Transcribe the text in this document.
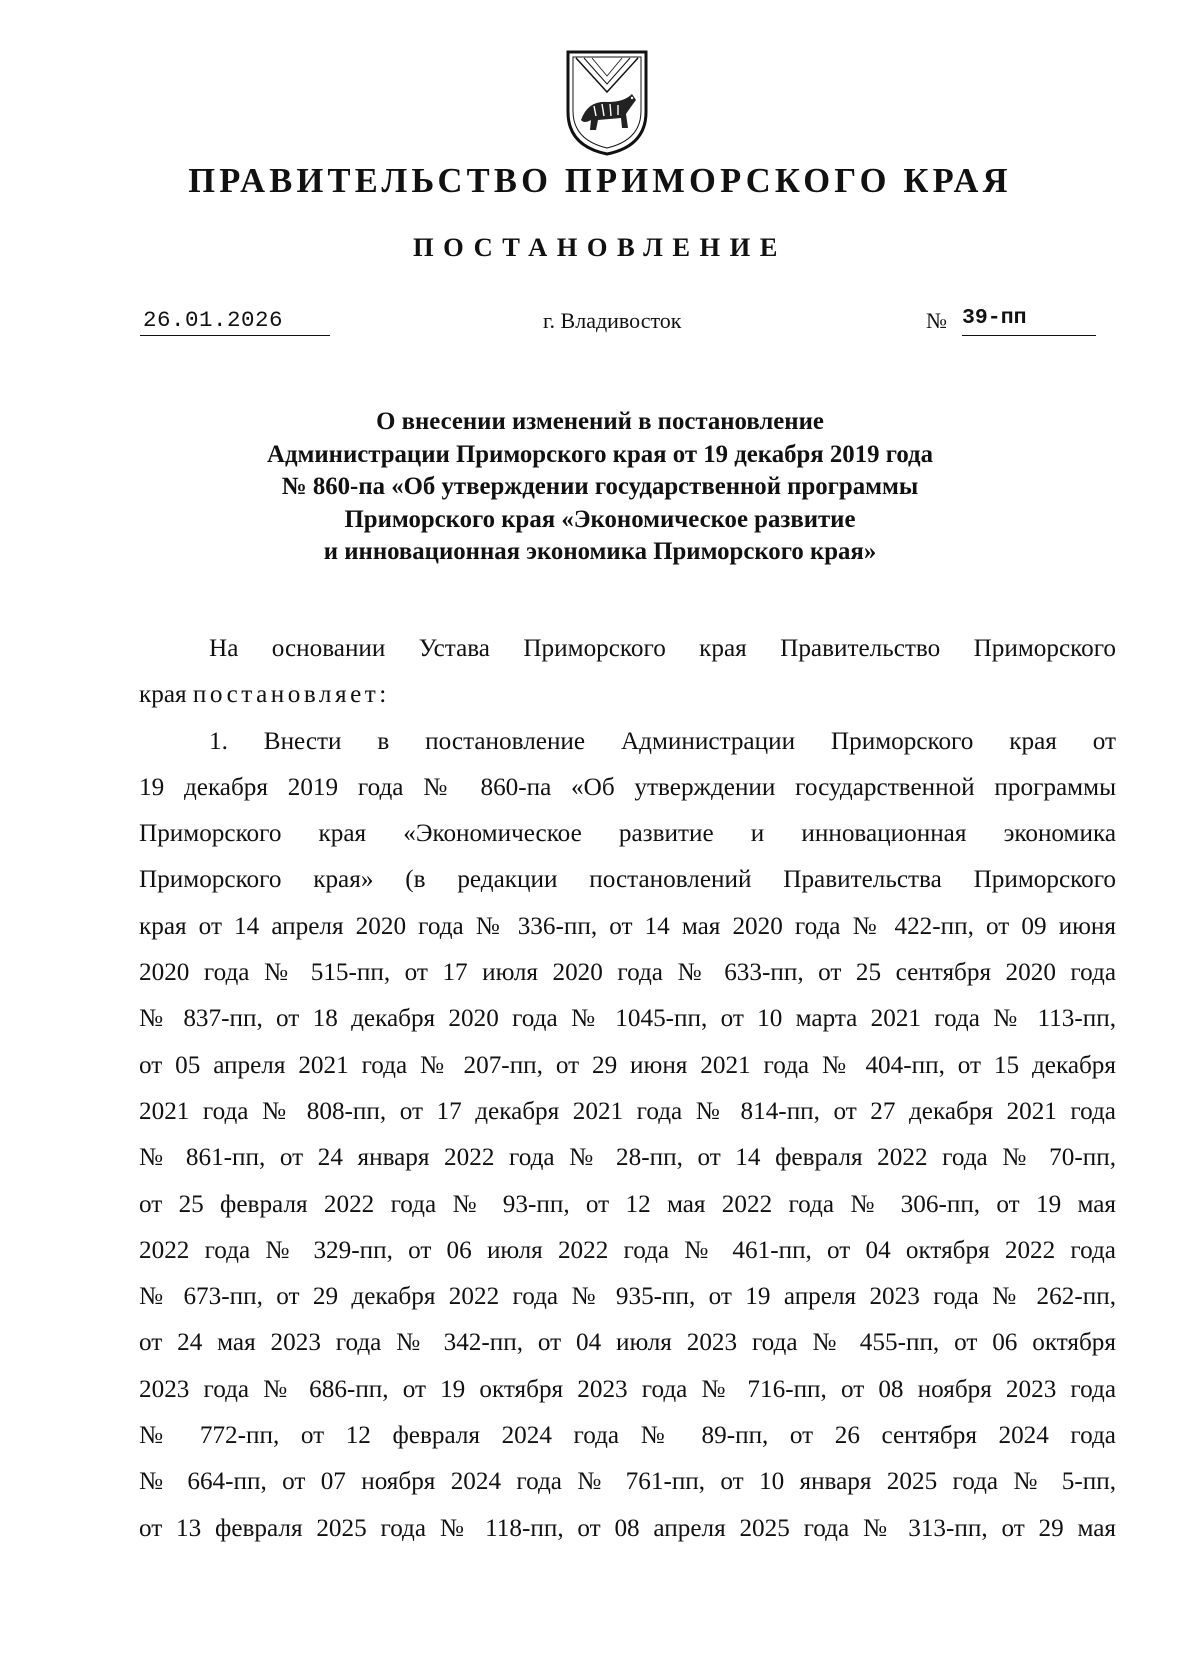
ПРАВИТЕЛЬСТВО ПРИМОРСКОГО КРАЯ
ПОСТАНОВЛЕНИЕ
26.01.2026	г. Владивосток	№ 39-пп
О внесении изменений в постановление
Администрации Приморского края от 19 декабря 2019 года
№ 860-па «Об утверждении государственной программы
Приморского края «Экономическое развитие
и инновационная экономика Приморского края»

На основании Устава Приморского края Правительство Приморского
края постановляет:

1. Внести в постановление Администрации Приморского края от
19 декабря 2019 года № 860-па «Об утверждении государственной программы
Приморского края «Экономическое развитие и инновационная экономика
Приморского края» (в редакции постановлений Правительства Приморского
края от 14 апреля 2020 года № 336-пп, от 14 мая 2020 года № 422-пп, от 09 июня
2020 года № 515-пп, от 17 июля 2020 года № 633-пп, от 25 сентября 2020 года
№ 837-пп, от 18 декабря 2020 года № 1045-пп, от 10 марта 2021 года № 113-пп,
от 05 апреля 2021 года № 207-пп, от 29 июня 2021 года № 404-пп, от 15 декабря
2021 года № 808-пп, от 17 декабря 2021 года № 814-пп, от 27 декабря 2021 года
№ 861-пп, от 24 января 2022 года № 28-пп, от 14 февраля 2022 года № 70-пп,
от 25 февраля 2022 года № 93-пп, от 12 мая 2022 года № 306-пп, от 19 мая
2022 года № 329-пп, от 06 июля 2022 года № 461-пп, от 04 октября 2022 года
№ 673-пп, от 29 декабря 2022 года № 935-пп, от 19 апреля 2023 года № 262-пп,
от 24 мая 2023 года № 342-пп, от 04 июля 2023 года № 455-пп, от 06 октября
2023 года № 686-пп, от 19 октября 2023 года № 716-пп, от 08 ноября 2023 года
№ 772-пп, от 12 февраля 2024 года № 89-пп, от 26 сентября 2024 года
№ 664-пп, от 07 ноября 2024 года № 761-пп, от 10 января 2025 года № 5-пп,
от 13 февраля 2025 года № 118-пп, от 08 апреля 2025 года № 313-пп, от 29 мая
